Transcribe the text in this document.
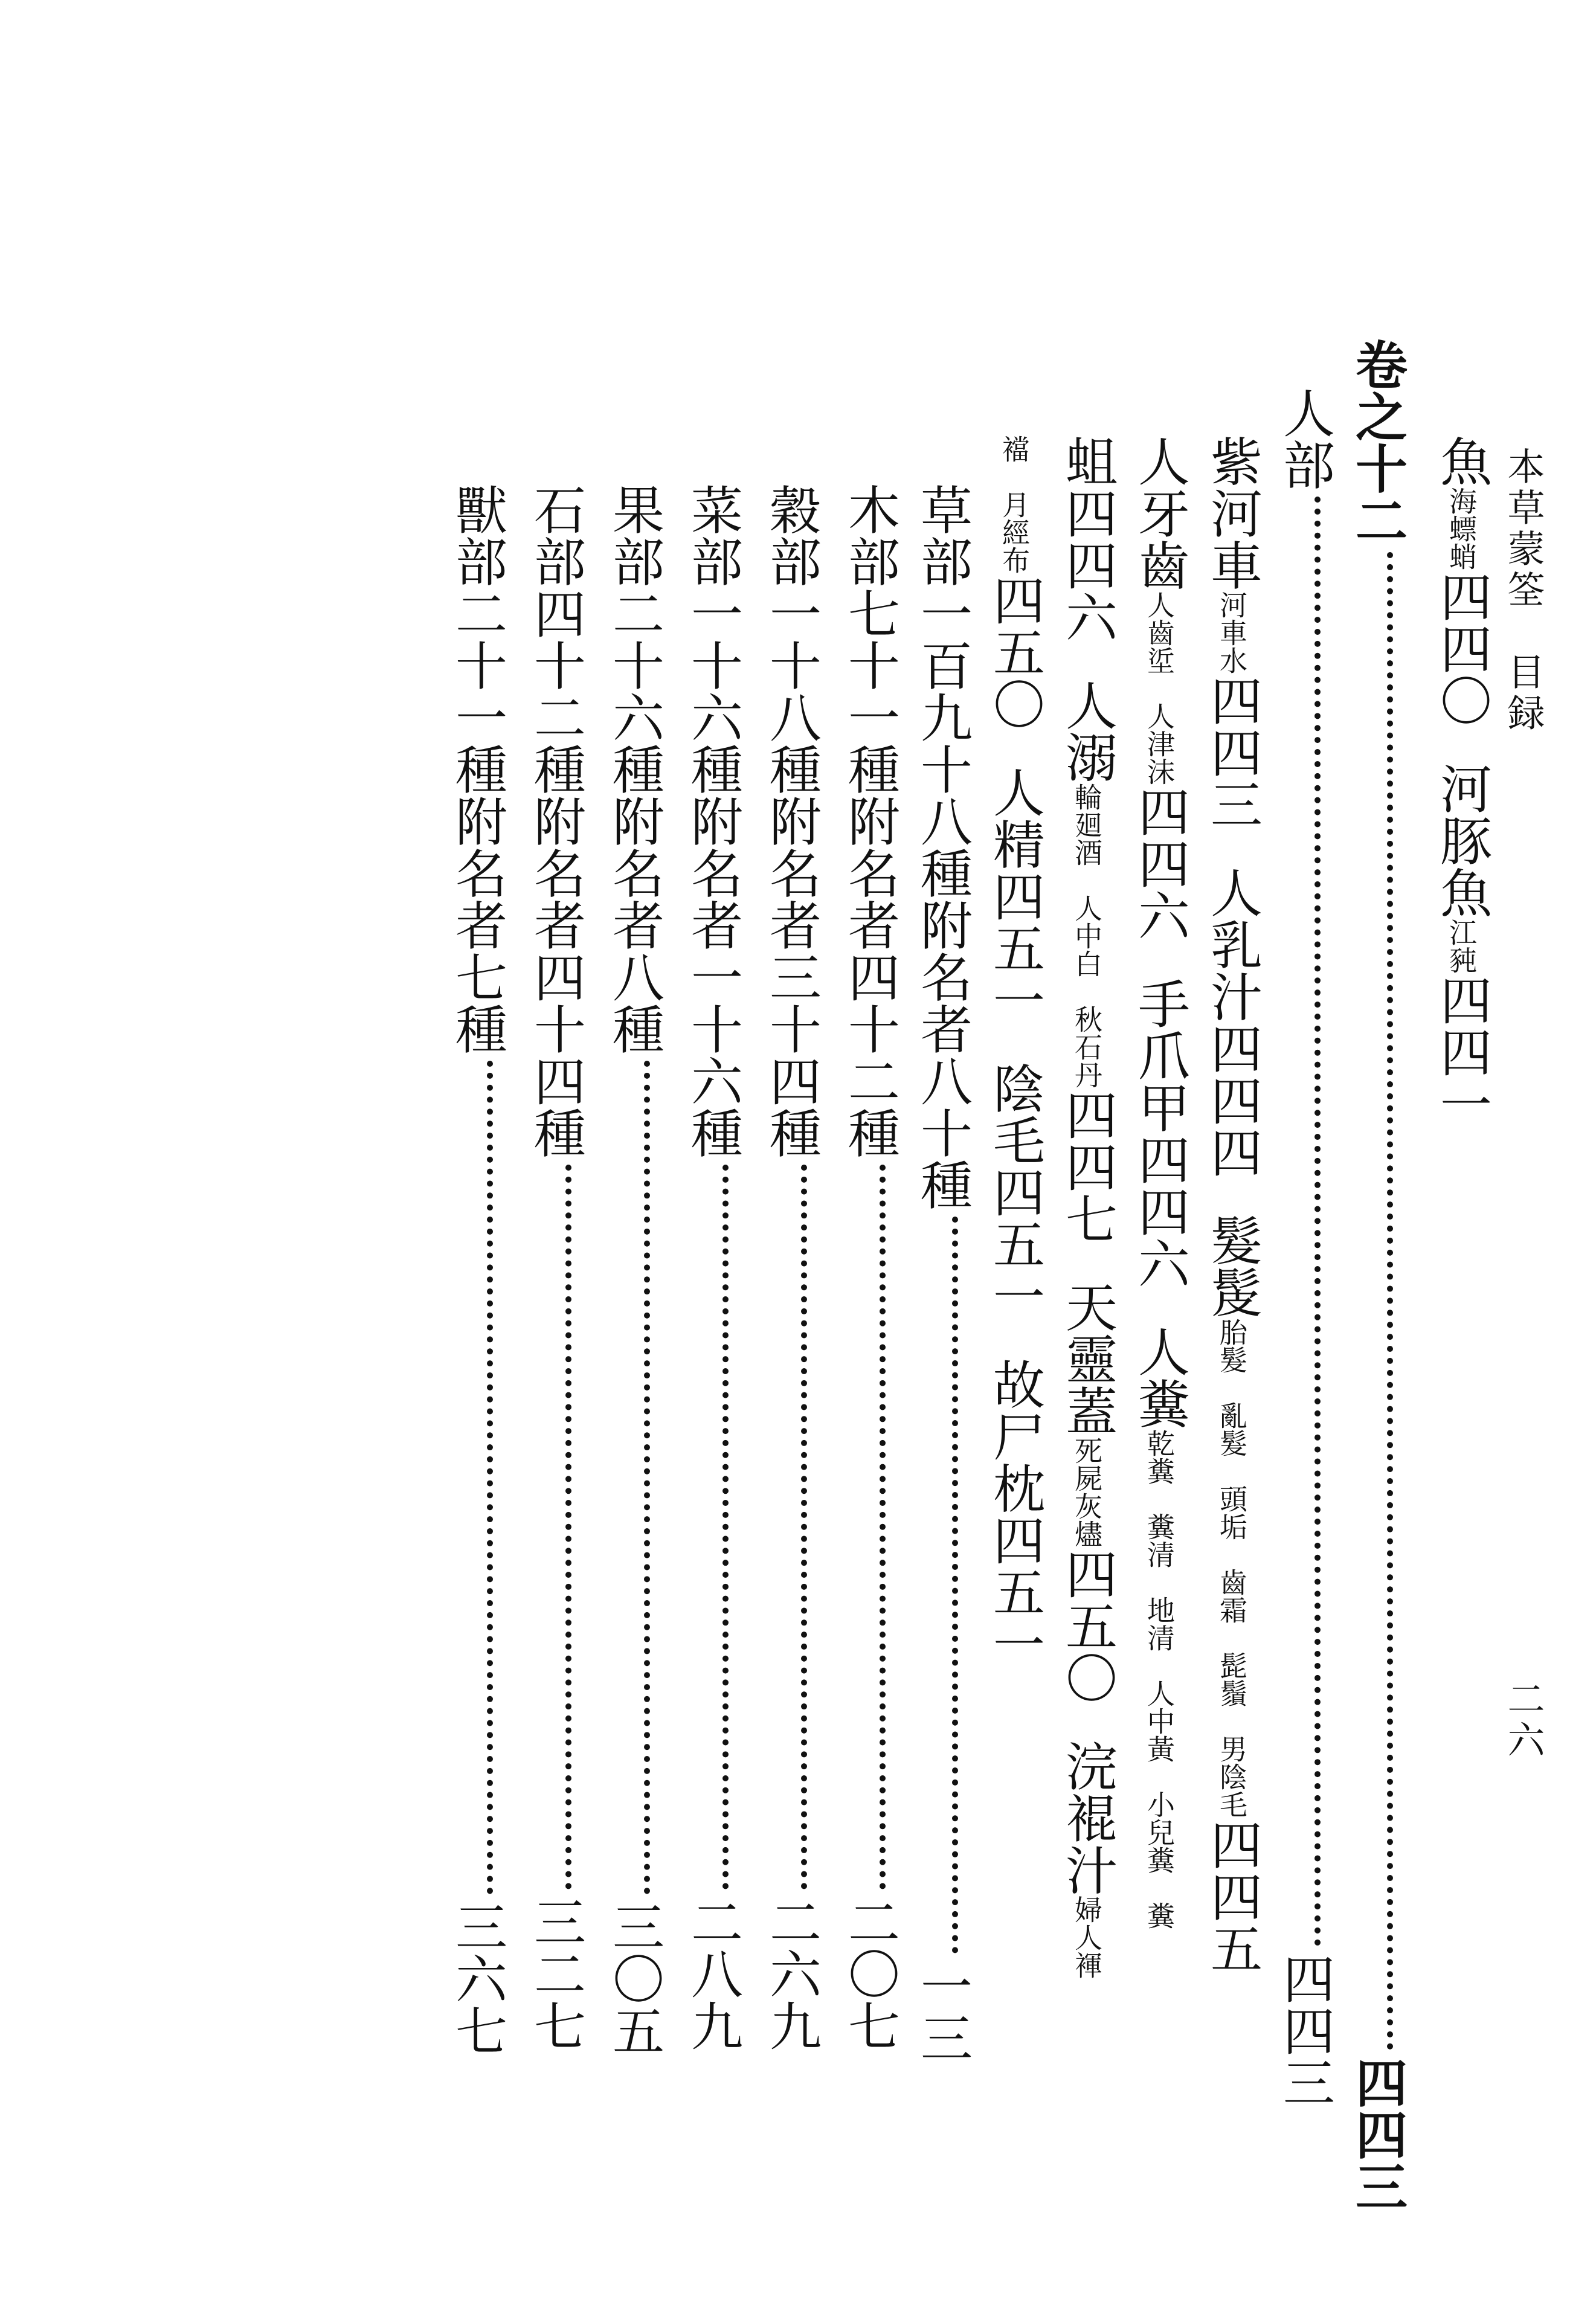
本草蒙筌　目録
二六
魚海螵蛸四四〇河豚魚江豘四四一
卷之十二四四三
人部四四三
紫河車河車水四四三人乳汁四四四髮髲胎髮　亂髮　頭垢　齒霜　髭鬚　男陰毛四四五
人牙齒人齒垽　人津沫四四六手爪甲四四六人糞乾糞　糞清　地清　人中黃　小兒糞　糞
蛆四四六人溺輪廻酒　人中白　秋石丹四四七天靈蓋死屍灰燼四五〇浣裩汁婦人褌
襠　月經布四五〇人精四五一陰毛四五一故尸枕四五一
草部一百九十八種附名者八十種一三
木部七十一種附名者四十二種二〇七
穀部一十八種附名者三十四種二六九
菜部一十六種附名者一十六種二八九
果部二十六種附名者八種三〇五
石部四十二種附名者四十四種三二七
獸部二十一種附名者七種三六七
